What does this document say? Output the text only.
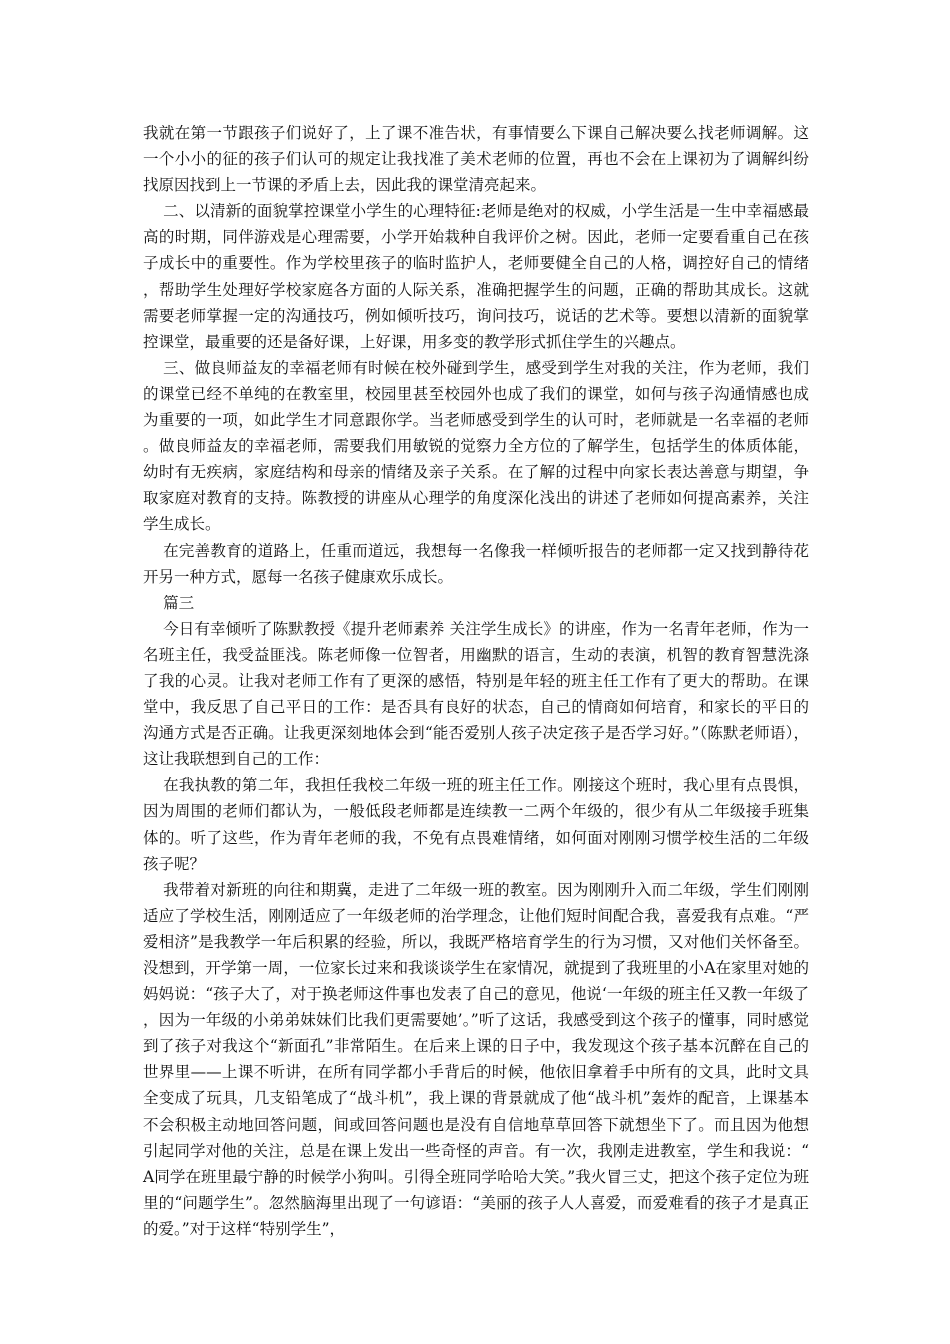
我就在第一节跟孩子们说好了，上了课不准告状，有事情要么下课自己解决要么找老师调解。这一个小小的征的孩子们认可的规定让我找准了美术老师的位置，再也不会在上课初为了调解纠纷找原因找到上一节课的矛盾上去，因此我的课堂清亮起来。

二、以清新的面貌掌控课堂小学生的心理特征:老师是绝对的权威，小学生活是一生中幸福感最高的时期，同伴游戏是心理需要，小学开始栽种自我评价之树。因此，老师一定要看重自己在孩子成长中的重要性。作为学校里孩子的临时监护人，老师要健全自己的人格，调控好自己的情绪，帮助学生处理好学校家庭各方面的人际关系，准确把握学生的问题，正确的帮助其成长。这就需要老师掌握一定的沟通技巧，例如倾听技巧，询问技巧，说话的艺术等。要想以清新的面貌掌控课堂，最重要的还是备好课，上好课，用多变的教学形式抓住学生的兴趣点。

三、做良师益友的幸福老师有时候在校外碰到学生，感受到学生对我的关注，作为老师，我们的课堂已经不单纯的在教室里，校园里甚至校园外也成了我们的课堂，如何与孩子沟通情感也成为重要的一项，如此学生才同意跟你学。当老师感受到学生的认可时，老师就是一名幸福的老师。做良师益友的幸福老师，需要我们用敏锐的觉察力全方位的了解学生，包括学生的体质体能，幼时有无疾病，家庭结构和母亲的情绪及亲子关系。在了解的过程中向家长表达善意与期望，争取家庭对教育的支持。陈教授的讲座从心理学的角度深化浅出的讲述了老师如何提高素养，关注学生成长。

在完善教育的道路上，任重而道远，我想每一名像我一样倾听报告的老师都一定又找到静待花开另一种方式，愿每一名孩子健康欢乐成长。

篇三

今日有幸倾听了陈默教授《提升老师素养 关注学生成长》的讲座，作为一名青年老师，作为一名班主任，我受益匪浅。陈老师像一位智者，用幽默的语言，生动的表演，机智的教育智慧洗涤了我的心灵。让我对老师工作有了更深的感悟，特别是年轻的班主任工作有了更大的帮助。在课堂中，我反思了自己平日的工作：是否具有良好的状态，自己的情商如何培育，和家长的平日的沟通方式是否正确。让我更深刻地体会到“能否爱别人孩子决定孩子是否学习好。”（陈默老师语），这让我联想到自己的工作：

在我执教的第二年，我担任我校二年级一班的班主任工作。刚接这个班时，我心里有点畏惧，因为周围的老师们都认为，一般低段老师都是连续教一二两个年级的，很少有从二年级接手班集体的。听了这些，作为青年老师的我，不免有点畏难情绪，如何面对刚刚习惯学校生活的二年级孩子呢？

我带着对新班的向往和期冀，走进了二年级一班的教室。因为刚刚升入而二年级，学生们刚刚适应了学校生活，刚刚适应了一年级老师的治学理念，让他们短时间配合我，喜爱我有点难。“严爱相济”是我教学一年后积累的经验，所以，我既严格培育学生的行为习惯，又对他们关怀备至。没想到，开学第一周，一位家长过来和我谈谈学生在家情况，就提到了我班里的小A在家里对她的妈妈说：“孩子大了，对于换老师这件事也发表了自己的意见，他说‘一年级的班主任又教一年级了，因为一年级的小弟弟妹妹们比我们更需要她’。”听了这话，我感受到这个孩子的懂事，同时感觉到了孩子对我这个“新面孔”非常陌生。在后来上课的日子中，我发现这个孩子基本沉醉在自己的世界里——上课不听讲，在所有同学都小手背后的时候，他依旧拿着手中所有的文具，此时文具全变成了玩具，几支铅笔成了“战斗机”，我上课的背景就成了他“战斗机”轰炸的配音，上课基本不会积极主动地回答问题，间或回答问题也是没有自信地草草回答下就想坐下了。而且因为他想引起同学对他的关注，总是在课上发出一些奇怪的声音。有一次，我刚走进教室，学生和我说：“A同学在班里最宁静的时候学小狗叫。引得全班同学哈哈大笑。”我火冒三丈，把这个孩子定位为班里的“问题学生”。忽然脑海里出现了一句谚语：“美丽的孩子人人喜爱，而爱难看的孩子才是真正的爱。”对于这样“特别学生”，
